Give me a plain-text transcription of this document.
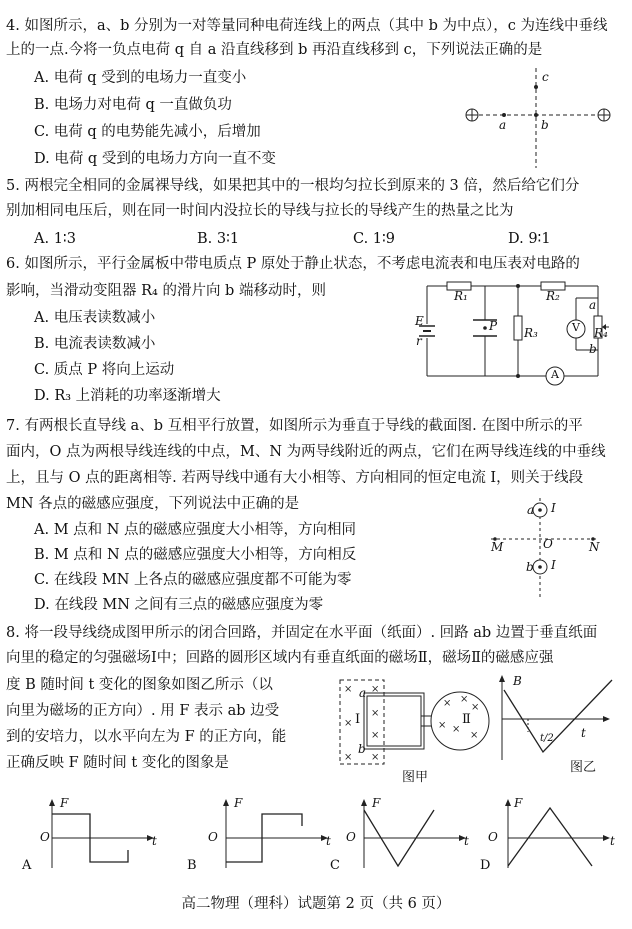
4. 如图所示，a、b 分别为一对等量同种电荷连线上的两点（其中 b 为中点），c 为连线中垂线
上的一点.今将一负点电荷 q 自 a 沿直线移到 b 再沿直线移到 c，下列说法正确的是
A. 电荷 q 受到的电场力一直变小
B. 电场力对电荷 q 一直做负功
C. 电荷 q 的电势能先减小，后增加
D. 电荷 q 受到的电场力方向一直不变
a	b
c
5. 两根完全相同的金属裸导线，如果把其中的一根均匀拉长到原来的 3 倍，然后给它们分
别加相同电压后，则在同一时间内没拉长的导线与拉长的导线产生的热量之比为
A. 1∶3	B. 3∶1	C. 1∶9	D. 9∶1
6. 如图所示，平行金属板中带电质点 P 原处于静止状态，不考虑电流表和电压表对电路的
影响，当滑动变阻器 R₄ 的滑片向 b 端移动时，则
A. 电压表读数减小
B. 电流表读数减小
C. 质点 P 将向上运动
D. R₃ 上消耗的功率逐渐增大
R₁	R₂
R₃	R₄
E
r
P	V
A
a
b
7. 有两根长直导线 a、b 互相平行放置，如图所示为垂直于导线的截面图. 在图中所示的平
面内，O 点为两根导线连线的中点，M、N 为两导线附近的两点，它们在两导线连线的中垂线
上，且与 O 点的距离相等. 若两导线中通有大小相等、方向相同的恒定电流 I，则关于线段
MN 各点的磁感应强度，下列说法中正确的是
A. M 点和 N 点的磁感应强度大小相等，方向相同
B. M 点和 N 点的磁感应强度大小相等，方向相反
C. 在线段 MN 上各点的磁感应强度都不可能为零
D. 在线段 MN 之间有三点的磁感应强度为零
a I
b I
M	N
O
8. 将一段导线绕成图甲所示的闭合回路，并固定在水平面（纸面）. 回路 ab 边置于垂直纸面
向里的稳定的匀强磁场Ⅰ中；回路的圆形区域内有垂直纸面的磁场Ⅱ，磁场Ⅱ的磁感应强
度 B 随时间 t 变化的图象如图乙所示（以
向里为磁场的正方向）. 用 F 表示 ab 边受
到的安培力，以水平向左为 F 的正方向，能
正确反映 F 随时间 t 变化的图象是
×
×
×
×
×
×
×
× ×
×
× ×
×
a
b
Ⅰ	Ⅱ
图甲
B
t
t/2
图乙
F
O	t
F
O	t
F
O	t
F
O	t
A	B	C	D
高二物理（理科）试题第 2 页（共 6 页）
